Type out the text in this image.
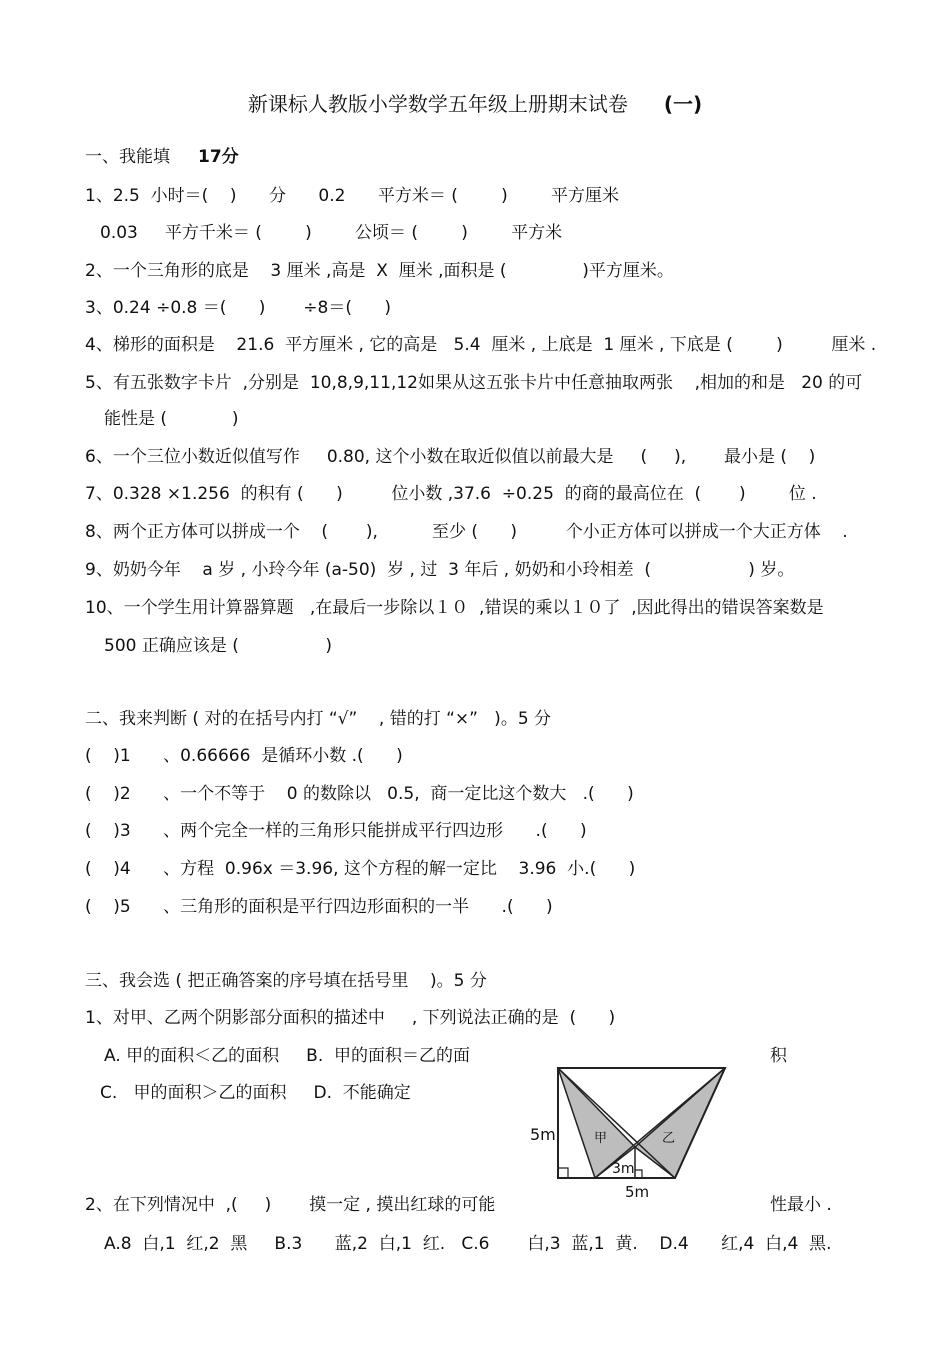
新课标人教版小学数学五年级上册期末试卷 (一)
一、我能填 17分
1、2.5  小时＝(    )      分      0.2      平方米＝ (        )        平方厘米
0.03     平方千米＝ (        )        公顷＝ (        )        平方米
2、一个三角形的底是    3 厘米 ,高是  X  厘米 ,面积是 (              )平方厘米。
3、0.24 ÷0.8 ＝(      )       ÷8＝(      )
4、梯形的面积是    21.6  平方厘米 , 它的高是   5.4  厘米 , 上底是  1 厘米 , 下底是 (        )         厘米 .
5、有五张数字卡片  ,分别是  10,8,9,11,12如果从这五张卡片中任意抽取两张    ,相加的和是   20 的可
能性是 (            )
6、一个三位小数近似值写作     0.80, 这个小数在取近似值以前最大是     (     ),       最小是 (    )
7、0.328 ×1.256  的积有 (      )         位小数 ,37.6  ÷0.25  的商的最高位在  (       )        位 .
8、两个正方体可以拼成一个    (       ),          至少 (      )         个小正方体可以拼成一个大正方体    .
9、奶奶今年    a 岁 , 小玲今年 (a-50)  岁 , 过  3 年后 , 奶奶和小玲相差  (                  ) 岁。
10、一个学生用计算器算题   ,在最后一步除以１０  ,错误的乘以１０了  ,因此得出的错误答案数是
500 正确应该是 (                )
二、我来判断 ( 对的在括号内打 “√”    , 错的打 “×”   )。5 分
(    )1      、0.66666  是循环小数 .(      )
(    )2      、一个不等于    0 的数除以   0.5,  商一定比这个数大   .(      )
(    )3      、两个完全一样的三角形只能拼成平行四边形      .(      )
(    )4      、方程  0.96x ＝3.96, 这个方程的解一定比    3.96  小.(      )
(    )5      、三角形的面积是平行四边形面积的一半      .(      )
三、我会选 ( 把正确答案的序号填在括号里    )。5 分
1、对甲、乙两个阴影部分面积的描述中     , 下列说法正确的是  (      )
A. 甲的面积＜乙的面积     B.  甲的面积＝乙的面	积
C.   甲的面积＞乙的面积     D.  不能确定
5m	甲	乙
3m
5m
2、在下列情况中  ,(     )       摸一定 , 摸出红球的可能	性最小 .
A.8  白,1  红,2  黑     B.3      蓝,2  白,1  红.   C.6       白,3  蓝,1  黄.    D.4      红,4  白,4  黑.
